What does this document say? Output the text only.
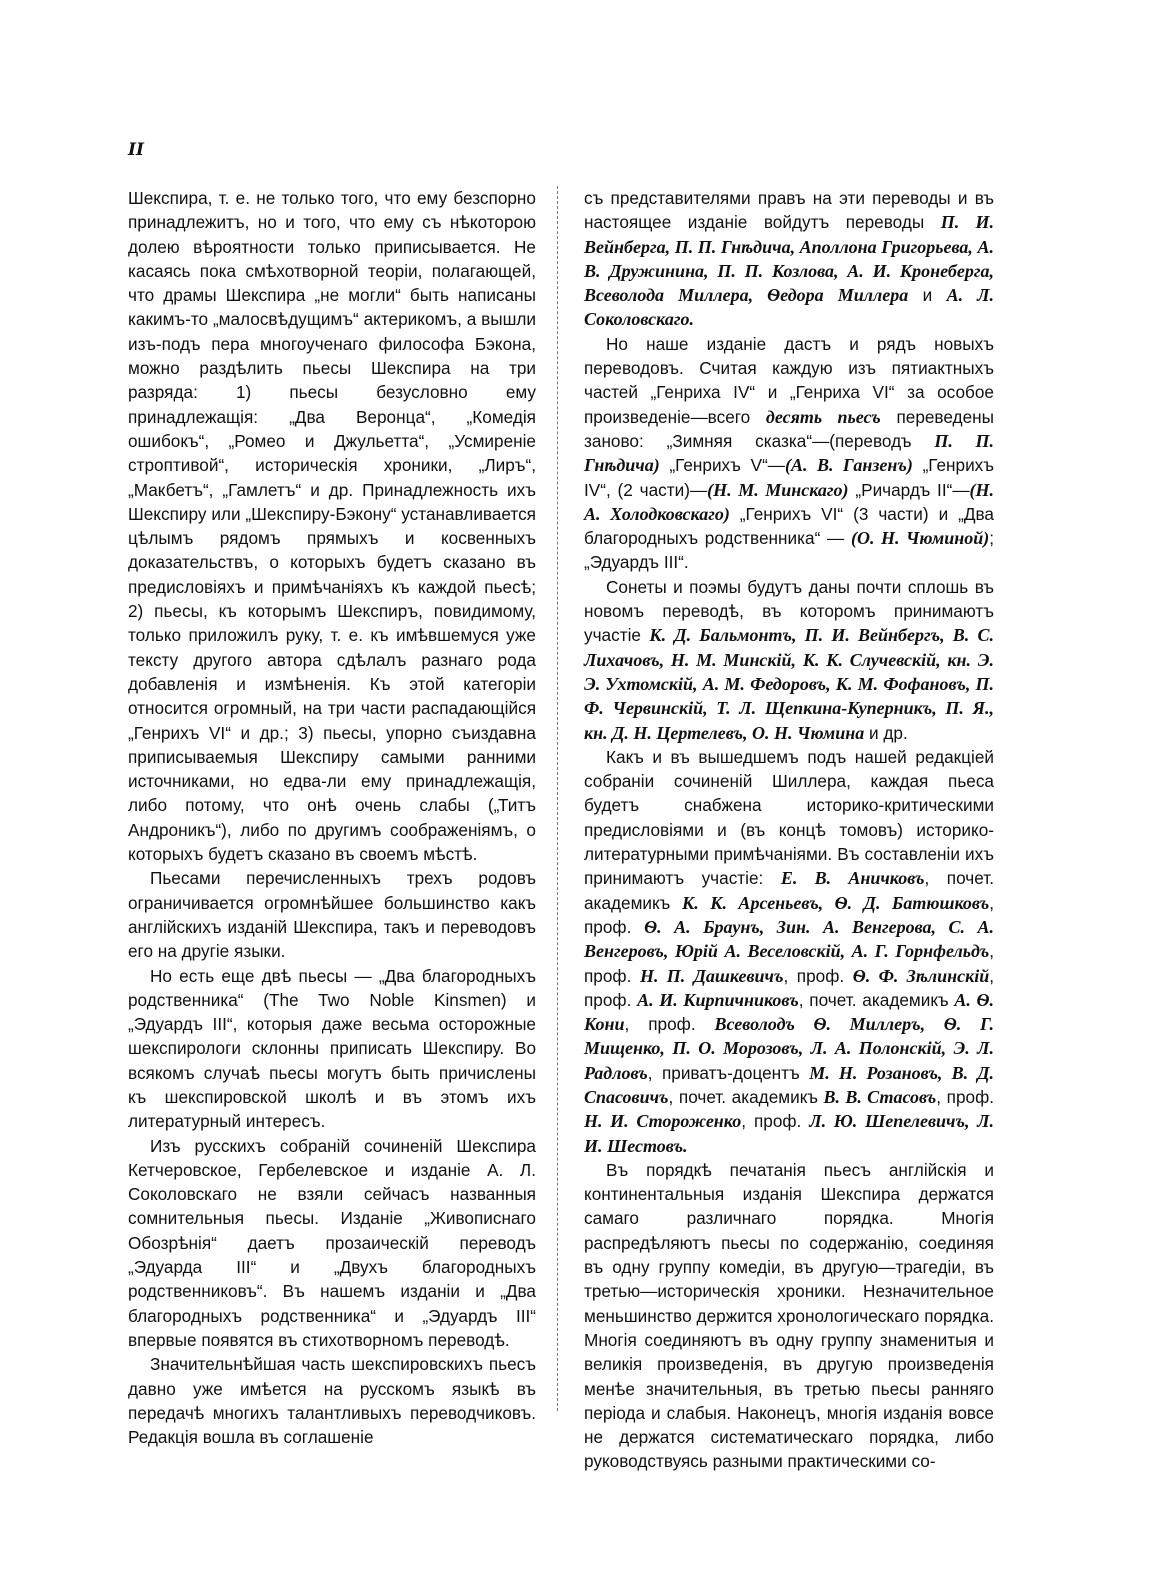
II

Шекспира, т. е. не только того, что ему безспорно принадлежитъ, но и того, что ему съ нѣкоторою долею вѣроятности только приписывается. Не касаясь пока смѣхотворной теоріи, полагающей, что драмы Шекспира „не могли“ быть написаны какимъ-то „малосвѣдущимъ“ актерикомъ, а вышли изъ-подъ пера многоученаго философа Бэкона, можно раздѣлить пьесы Шекспира на три разряда: 1) пьесы безусловно ему принадлежащія: „Два Веронца“, „Комедія ошибокъ“, „Ромео и Джульетта“, „Усмиреніе строптивой“, историческія хроники, „Лиръ“, „Макбетъ“, „Гамлетъ“ и др. Принадлежность ихъ Шекспиру или „Шекспиру-Бэкону“ устанавливается цѣлымъ рядомъ прямыхъ и косвенныхъ доказательствъ, о которыхъ будетъ сказано въ предисловіяхъ и примѣчаніяхъ къ каждой пьесѣ; 2) пьесы, къ которымъ Шекспиръ, повидимому, только приложилъ руку, т. е. къ имѣвшемуся уже тексту другого автора сдѣлалъ разнаго рода добавленія и измѣненія. Къ этой категоріи относится огромный, на три части распадающійся „Генрихъ VI“ и др.; 3) пьесы, упорно съиздавна приписываемыя Шекспиру самыми ранними источниками, но едва-ли ему принадлежащія, либо потому, что онѣ очень слабы („Титъ Андроникъ“), либо по другимъ соображеніямъ, о которыхъ будетъ сказано въ своемъ мѣстѣ.

Пьесами перечисленныхъ трехъ родовъ ограничивается огромнѣйшее большинство какъ англійскихъ изданій Шекспира, такъ и переводовъ его на другіе языки.

Но есть еще двѣ пьесы — „Два благородныхъ родственника“ (The Two Noble Kinsmen) и „Эдуардъ III“, которыя даже весьма осторожные шекспирологи склонны приписать Шекспиру. Во всякомъ случаѣ пьесы могутъ быть причислены къ шекспировской школѣ и въ этомъ ихъ литературный интересъ.

Изъ русскихъ собраній сочиненій Шекспира Кетчеровское, Гербелевское и изданіе А. Л. Соколовскаго не взяли сейчасъ названныя сомнительныя пьесы. Изданіе „Живописнаго Обозрѣнія“ даетъ прозаическій переводъ „Эдуарда III“ и „Двухъ благородныхъ родственниковъ“. Въ нашемъ изданіи и „Два благородныхъ родственника“ и „Эдуардъ III“ впервые появятся въ стихотворномъ переводѣ.

Значительнѣйшая часть шекспировскихъ пьесъ давно уже имѣется на русскомъ языкѣ въ передачѣ многихъ талантливыхъ переводчиковъ. Редакція вошла въ соглашеніе

съ представителями правъ на эти переводы и въ настоящее изданіе войдутъ переводы П. И. Вейнберга, П. П. Гнѣдича, Аполлона Григорьева, А. В. Дружинина, П. П. Козлова, А. И. Кронеберга, Всеволода Миллера, Ѳедора Миллера и А. Л. Соколовскаго.

Но наше изданіе дастъ и рядъ новыхъ переводовъ. Считая каждую изъ пятиактныхъ частей „Генриха IV“ и „Генриха VI“ за особое произведеніе—всего десять пьесъ переведены заново: „Зимняя сказка“—(переводъ П. П. Гнѣдича) „Генрихъ V“—(А. В. Ганзенъ) „Генрихъ IV“, (2 части)—(Н. М. Минскаго) „Ричардъ II“—(Н. А. Холодковскаго) „Генрихъ VI“ (3 части) и „Два благородныхъ родственника“ — (О. Н. Чюминой); „Эдуардъ III“.

Сонеты и поэмы будутъ даны почти сплошь въ новомъ переводѣ, въ которомъ принимаютъ участіе К. Д. Бальмонтъ, П. И. Вейнбергъ, В. С. Лихачовъ, Н. М. Минскій, К. К. Случевскій, кн. Э. Э. Ухтомскій, А. М. Федоровъ, К. М. Фофановъ, П. Ф. Червинскій, Т. Л. Щепкина-Куперникъ, П. Я., кн. Д. Н. Цертелевъ, О. Н. Чюмина и др.

Какъ и въ вышедшемъ подъ нашей редакціей собраніи сочиненій Шиллера, каждая пьеса будетъ снабжена историко-критическими предисловіями и (въ концѣ томовъ) историко-литературными примѣчаніями. Въ составленіи ихъ принимаютъ участіе: Е. В. Аничковъ, почет. академикъ К. К. Арсеньевъ, Ѳ. Д. Батюшковъ, проф. Ѳ. А. Браунъ, Зин. А. Венгерова, С. А. Венгеровъ, Юрій А. Веселовскій, А. Г. Горнфельдъ, проф. Н. П. Дашкевичъ, проф. Ѳ. Ф. Зѣлинскій, проф. А. И. Кирпичниковъ, почет. академикъ А. Ѳ. Кони, проф. Всеволодъ Ѳ. Миллеръ, Ѳ. Г. Мищенко, П. О. Морозовъ, Л. А. Полонскій, Э. Л. Радловъ, приватъ-доцентъ М. Н. Розановъ, В. Д. Спасовичъ, почет. академикъ В. В. Стасовъ, проф. Н. И. Стороженко, проф. Л. Ю. Шепелевичъ, Л. И. Шестовъ.

Въ порядкѣ печатанія пьесъ англійскія и континентальныя изданія Шекспира держатся самаго различнаго порядка. Многія распредѣляютъ пьесы по содержанію, соединяя въ одну группу комедіи, въ другую—трагедіи, въ третью—историческія хроники. Незначительное меньшинство держится хронологическаго порядка. Многія соединяютъ въ одну группу знаменитыя и великія произведенія, въ другую произведенія менѣе значительныя, въ третью пьесы ранняго періода и слабыя. Наконецъ, многія изданія вовсе не держатся систематическаго порядка, либо руководствуясь разными практическими со-
